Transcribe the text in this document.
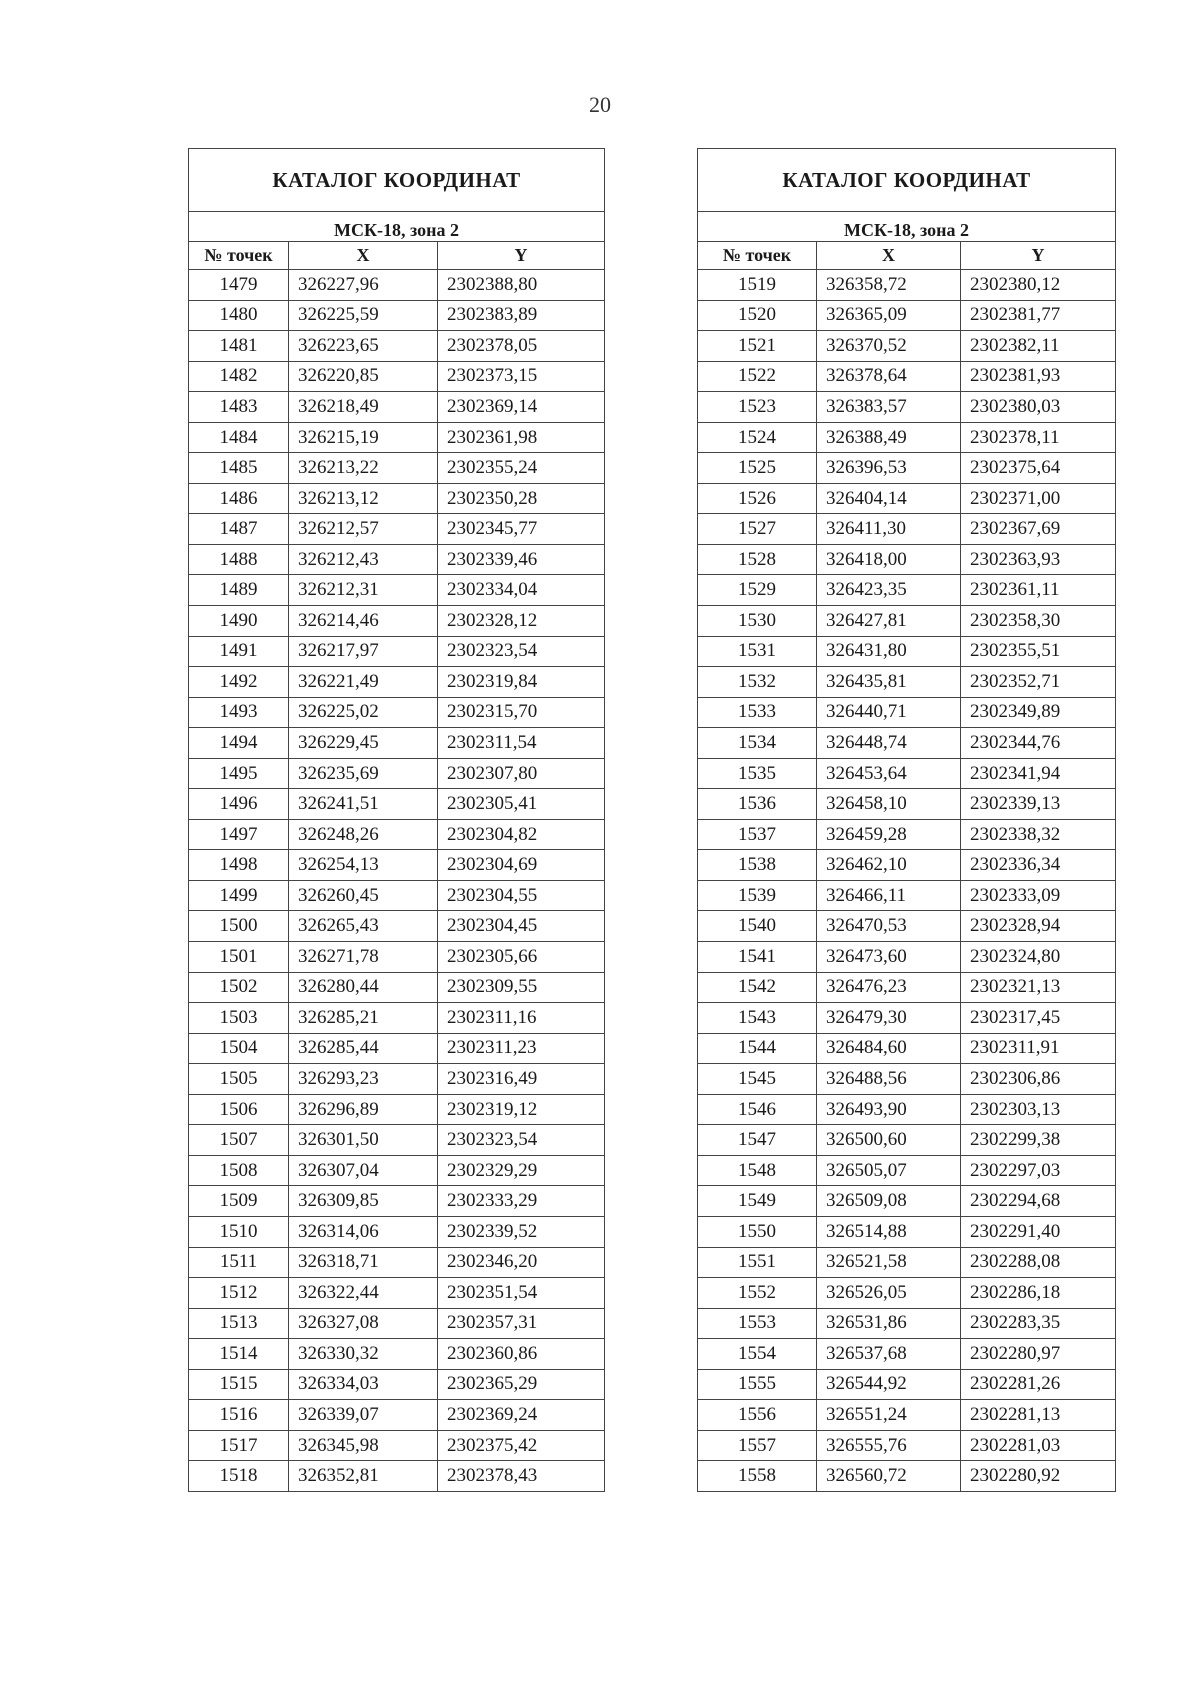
20
КАТАЛОГ КООРДИНАТ		
МСК-18, зона 2		
№ точек	X	Y
1479	326227,96	2302388,80
1480	326225,59	2302383,89
1481	326223,65	2302378,05
1482	326220,85	2302373,15
1483	326218,49	2302369,14
1484	326215,19	2302361,98
1485	326213,22	2302355,24
1486	326213,12	2302350,28
1487	326212,57	2302345,77
1488	326212,43	2302339,46
1489	326212,31	2302334,04
1490	326214,46	2302328,12
1491	326217,97	2302323,54
1492	326221,49	2302319,84
1493	326225,02	2302315,70
1494	326229,45	2302311,54
1495	326235,69	2302307,80
1496	326241,51	2302305,41
1497	326248,26	2302304,82
1498	326254,13	2302304,69
1499	326260,45	2302304,55
1500	326265,43	2302304,45
1501	326271,78	2302305,66
1502	326280,44	2302309,55
1503	326285,21	2302311,16
1504	326285,44	2302311,23
1505	326293,23	2302316,49
1506	326296,89	2302319,12
1507	326301,50	2302323,54
1508	326307,04	2302329,29
1509	326309,85	2302333,29
1510	326314,06	2302339,52
1511	326318,71	2302346,20
1512	326322,44	2302351,54
1513	326327,08	2302357,31
1514	326330,32	2302360,86
1515	326334,03	2302365,29
1516	326339,07	2302369,24
1517	326345,98	2302375,42
1518	326352,81	2302378,43
КАТАЛОГ КООРДИНАТ		
МСК-18, зона 2		
№ точек	X	Y
1519	326358,72	2302380,12
1520	326365,09	2302381,77
1521	326370,52	2302382,11
1522	326378,64	2302381,93
1523	326383,57	2302380,03
1524	326388,49	2302378,11
1525	326396,53	2302375,64
1526	326404,14	2302371,00
1527	326411,30	2302367,69
1528	326418,00	2302363,93
1529	326423,35	2302361,11
1530	326427,81	2302358,30
1531	326431,80	2302355,51
1532	326435,81	2302352,71
1533	326440,71	2302349,89
1534	326448,74	2302344,76
1535	326453,64	2302341,94
1536	326458,10	2302339,13
1537	326459,28	2302338,32
1538	326462,10	2302336,34
1539	326466,11	2302333,09
1540	326470,53	2302328,94
1541	326473,60	2302324,80
1542	326476,23	2302321,13
1543	326479,30	2302317,45
1544	326484,60	2302311,91
1545	326488,56	2302306,86
1546	326493,90	2302303,13
1547	326500,60	2302299,38
1548	326505,07	2302297,03
1549	326509,08	2302294,68
1550	326514,88	2302291,40
1551	326521,58	2302288,08
1552	326526,05	2302286,18
1553	326531,86	2302283,35
1554	326537,68	2302280,97
1555	326544,92	2302281,26
1556	326551,24	2302281,13
1557	326555,76	2302281,03
1558	326560,72	2302280,92
